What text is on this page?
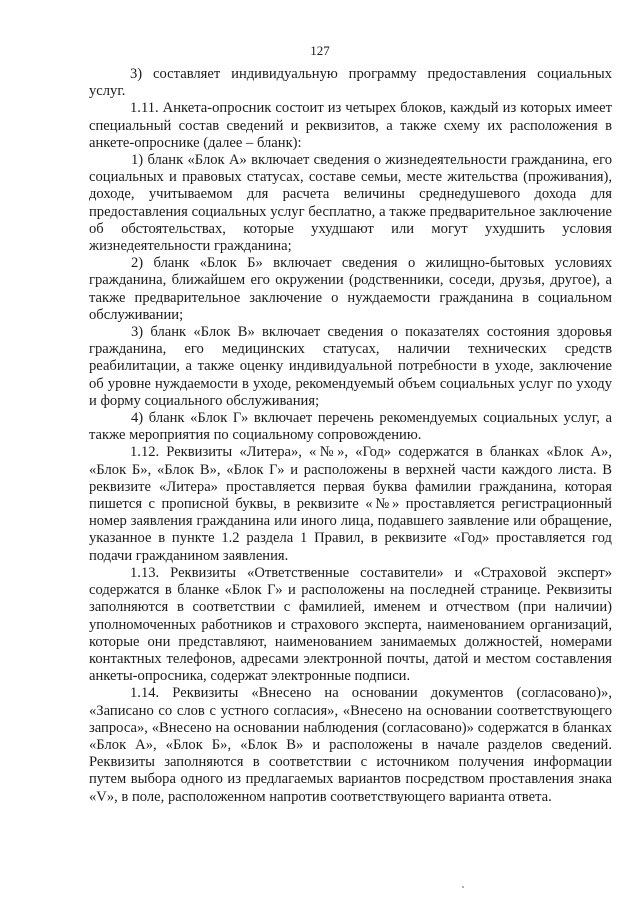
127

3) составляет индивидуальную программу предоставления социальных услуг.

1.11. Анкета-опросник состоит из четырех блоков, каждый из которых имеет специальный состав сведений и реквизитов, а также схему их расположения в анкете-опроснике (далее – бланк):

1) бланк «Блок А» включает сведения о жизнедеятельности гражданина, его социальных и правовых статусах, составе семьи, месте жительства (проживания), доходе, учитываемом для расчета величины среднедушевого дохода для предоставления социальных услуг бесплатно, а также предварительное заключение об обстоятельствах, которые ухудшают или могут ухудшить условия жизнедеятельности гражданина;

2) бланк «Блок Б» включает сведения о жилищно-бытовых условиях гражданина, ближайшем его окружении (родственники, соседи, друзья, другое), а также предварительное заключение о нуждаемости гражданина в социальном обслуживании;

3) бланк «Блок В» включает сведения о показателях состояния здоровья гражданина, его медицинских статусах, наличии технических средств реабилитации, а также оценку индивидуальной потребности в уходе, заключение об уровне нуждаемости в уходе, рекомендуемый объем социальных услуг по уходу и форму социального обслуживания;

4) бланк «Блок Г» включает перечень рекомендуемых социальных услуг, а также мероприятия по социальному сопровождению.

1.12. Реквизиты «Литера», «№», «Год» содержатся в бланках «Блок А», «Блок Б», «Блок В», «Блок Г» и расположены в верхней части каждого листа. В реквизите «Литера» проставляется первая буква фамилии гражданина, которая пишется с прописной буквы, в реквизите «№» проставляется регистрационный номер заявления гражданина или иного лица, подавшего заявление или обращение, указанное в пункте 1.2 раздела 1 Правил, в реквизите «Год» проставляется год подачи гражданином заявления.

1.13. Реквизиты «Ответственные составители» и «Страховой эксперт» содержатся в бланке «Блок Г» и расположены на последней странице. Реквизиты заполняются в соответствии с фамилией, именем и отчеством (при наличии) уполномоченных работников и страхового эксперта, наименованием организаций, которые они представляют, наименованием занимаемых должностей, номерами контактных телефонов, адресами электронной почты, датой и местом составления анкеты-опросника, содержат электронные подписи.

1.14. Реквизиты «Внесено на основании документов (согласовано)», «Записано со слов с устного согласия», «Внесено на основании соответствующего запроса», «Внесено на основании наблюдения (согласовано)» содержатся в бланках «Блок А», «Блок Б», «Блок В» и расположены в начале разделов сведений. Реквизиты заполняются в соответствии с источником получения информации путем выбора одного из предлагаемых вариантов посредством проставления знака «V», в поле, расположенном напротив соответствующего варианта ответа.
